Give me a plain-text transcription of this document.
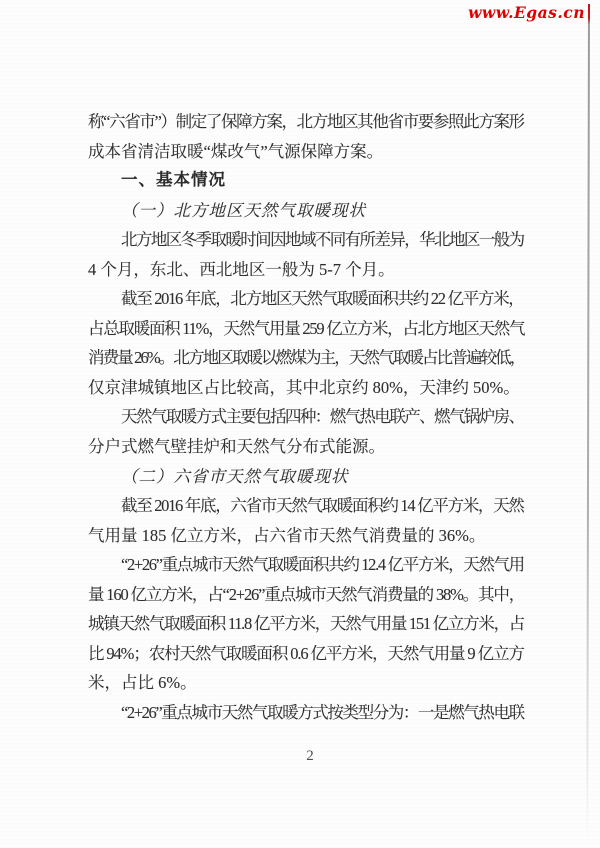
www.Egas.cn
称“六省市”）制定了保障方案，北方地区其他省市要参照此方案形
成本省清洁取暖“煤改气”气源保障方案。
一、基本情况
（一）北方地区天然气取暖现状
北方地区冬季取暖时间因地域不同有所差异，华北地区一般为
4 个月，东北、西北地区一般为 5-7 个月。
截至 2016 年底，北方地区天然气取暖面积共约 22 亿平方米，
占总取暖面积 11%，天然气用量 259 亿立方米，占北方地区天然气
消费量 26%。北方地区取暖以燃煤为主，天然气取暖占比普遍较低，
仅京津城镇地区占比较高，其中北京约 80%，天津约 50%。
天然气取暖方式主要包括四种：燃气热电联产、燃气锅炉房、
分户式燃气壁挂炉和天然气分布式能源。
（二）六省市天然气取暖现状
截至 2016 年底，六省市天然气取暖面积约 14 亿平方米，天然
气用量 185 亿立方米，占六省市天然气消费量的 36%。
“2+26”重点城市天然气取暖面积共约 12.4 亿平方米，天然气用
量 160 亿立方米，占“2+26”重点城市天然气消费量的 38%。其中，
城镇天然气取暖面积 11.8 亿平方米，天然气用量 151 亿立方米，占
比 94%；农村天然气取暖面积 0.6 亿平方米，天然气用量 9 亿立方
米，占比 6%。
“2+26”重点城市天然气取暖方式按类型分为：一是燃气热电联
2
